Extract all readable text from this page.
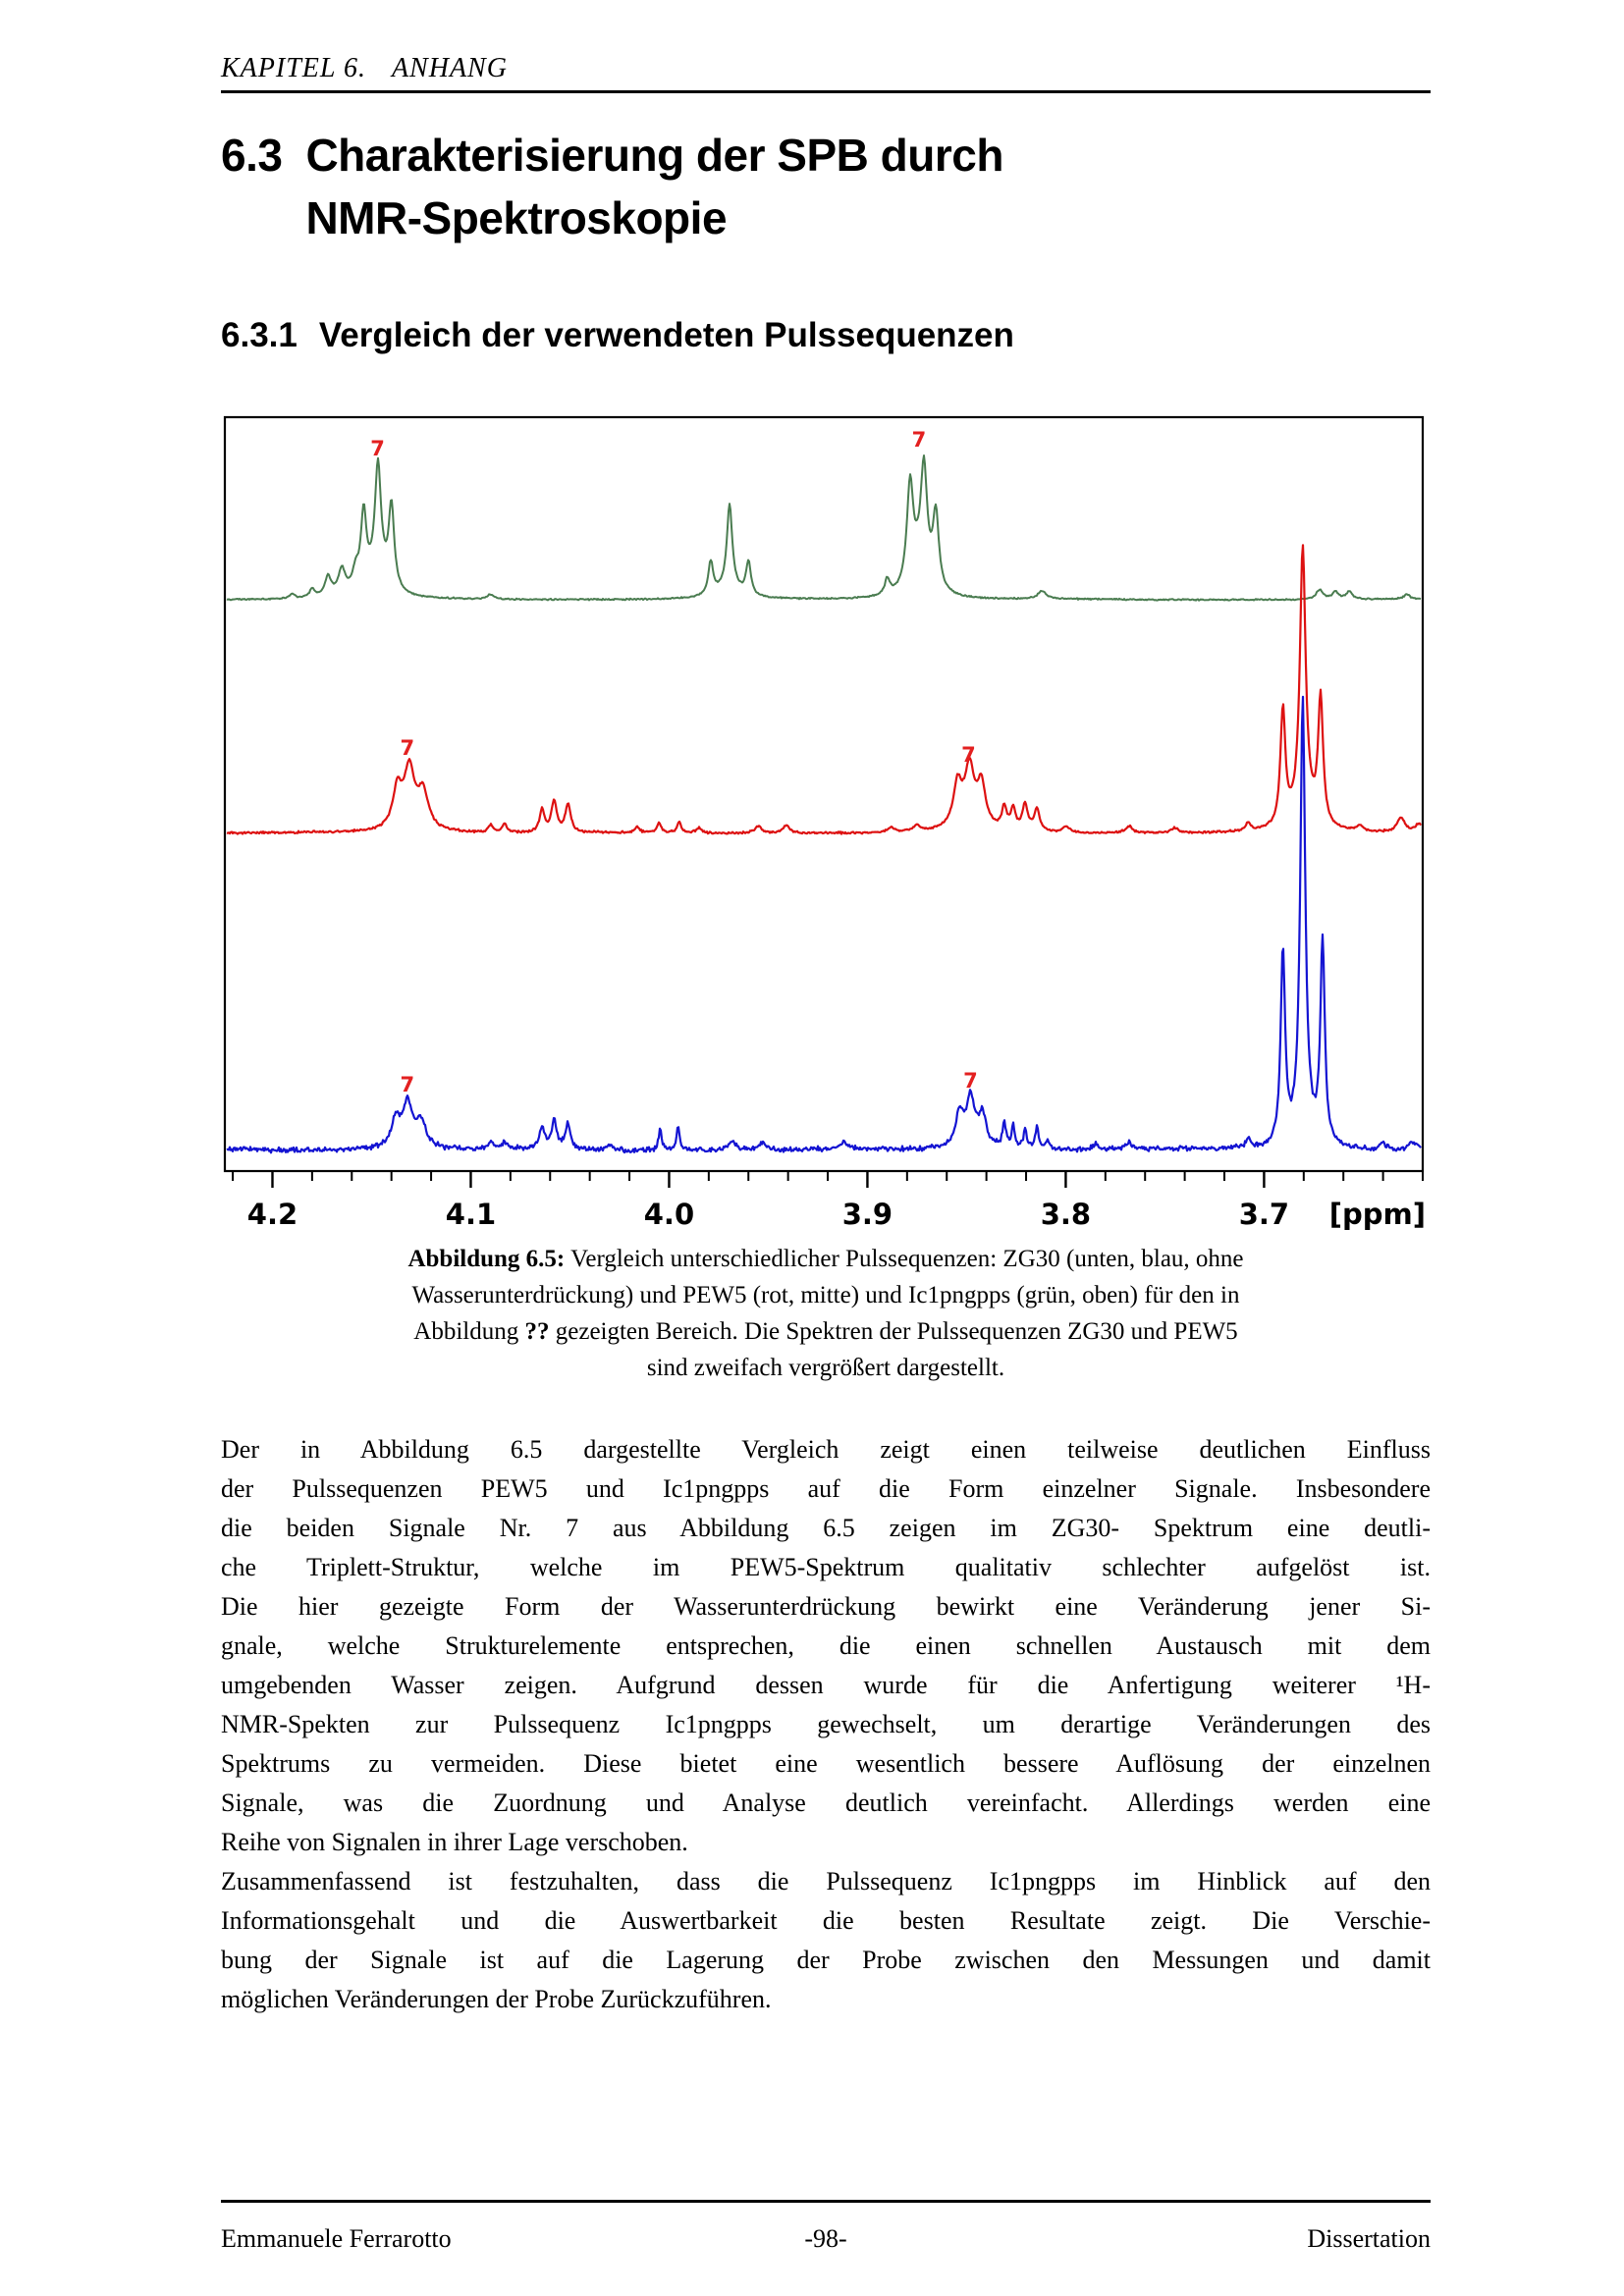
KAPITEL 6. ANHANG
6.3 Charakterisierung der SPB durch
NMR-Spektroskopie
6.3.1 Vergleich der verwendeten Pulssequenzen
4.2	4.1	4.0	3.9	3.8	3.7 [ppm]
7	7
7	7
7	7
Abbildung 6.5: Vergleich unterschiedlicher Pulssequenzen: ZG30 (unten, blau, ohne
Wasserunterdrückung) und PEW5 (rot, mitte) und Ic1pngpps (grün, oben) für den in
Abbildung ?? gezeigten Bereich. Die Spektren der Pulssequenzen ZG30 und PEW5
sind zweifach vergrößert dargestellt.
Der in Abbildung 6.5 dargestellte Vergleich zeigt einen teilweise deutlichen Einfluss
der Pulssequenzen PEW5 und Ic1pngpps auf die Form einzelner Signale. Insbesondere
die beiden Signale Nr. 7 aus Abbildung 6.5 zeigen im ZG30- Spektrum eine deutli-
che Triplett-Struktur, welche im PEW5-Spektrum qualitativ schlechter aufgelöst ist.
Die hier gezeigte Form der Wasserunterdrückung bewirkt eine Veränderung jener Si-
gnale, welche Strukturelemente entsprechen, die einen schnellen Austausch mit dem
umgebenden Wasser zeigen. Aufgrund dessen wurde für die Anfertigung weiterer ¹H-
NMR-Spekten zur Pulssequenz Ic1pngpps gewechselt, um derartige Veränderungen des
Spektrums zu vermeiden. Diese bietet eine wesentlich bessere Auflösung der einzelnen
Signale, was die Zuordnung und Analyse deutlich vereinfacht. Allerdings werden eine
Reihe von Signalen in ihrer Lage verschoben.
Zusammenfassend ist festzuhalten, dass die Pulssequenz Ic1pngpps im Hinblick auf den
Informationsgehalt und die Auswertbarkeit die besten Resultate zeigt. Die Verschie-
bung der Signale ist auf die Lagerung der Probe zwischen den Messungen und damit
möglichen Veränderungen der Probe Zurückzuführen.
Emmanuele Ferrarotto	-98-	Dissertation
